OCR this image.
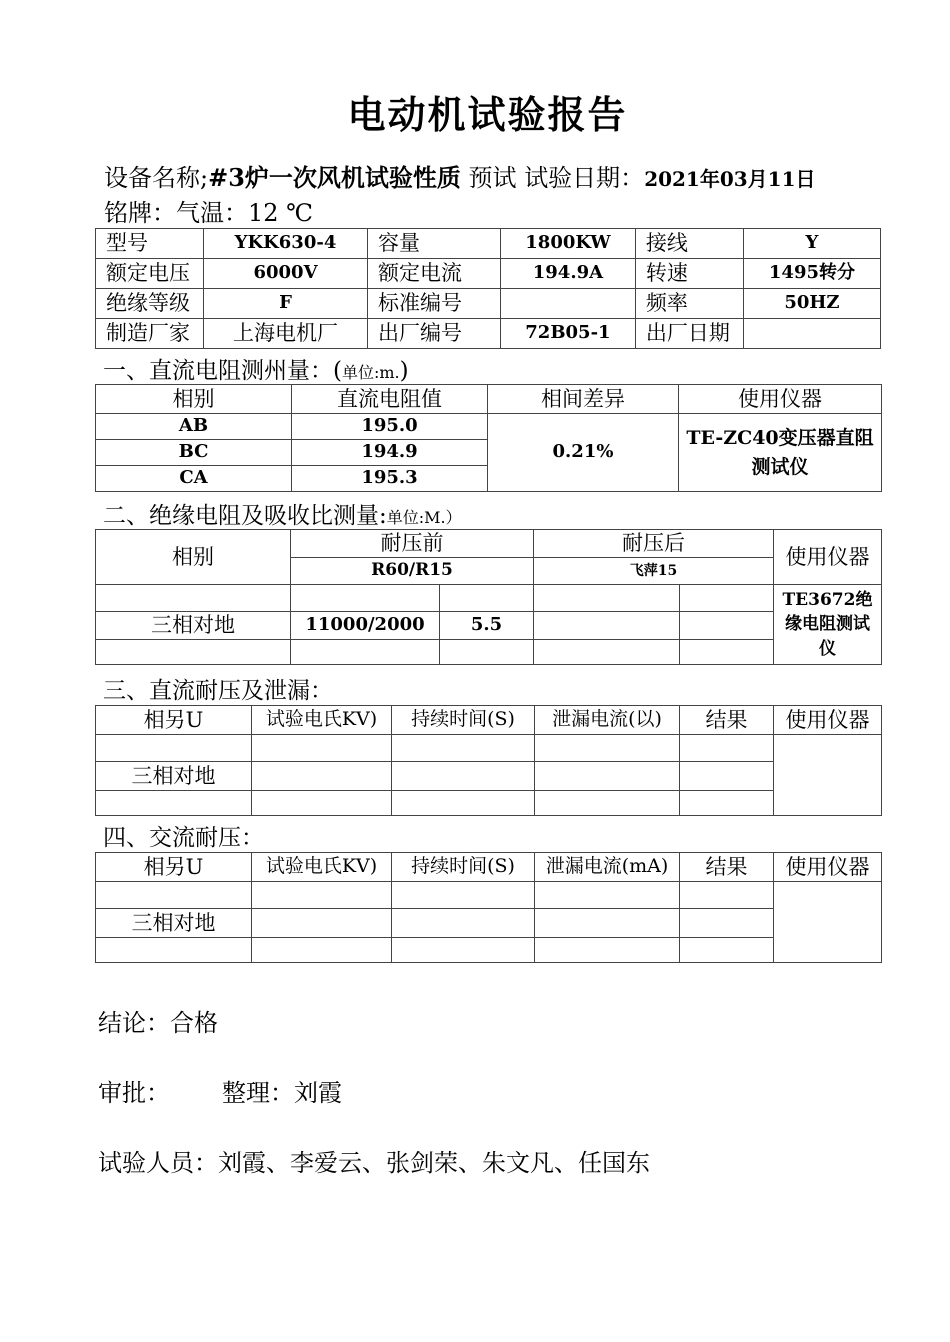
电动机试验报告
设备名称;#3炉一次风机试验性质 预试 试验日期：2021年03月11日
铭牌：气温：12 ℃
型号	YKK630-4	容量	1800KW	接线	Y
额定电压	6000V	额定电流	194.9A	转速	1495转分
绝缘等级	F	标准编号		频率	50HZ
制造厂家	上海电机厂	出厂编号	72B05-1	出厂日期	
一、直流电阻测州量：(单位:m.)
相别	直流电阻值	相间差异	使用仪器
AB	195.0	0.21%	TE-ZC40变压器直阻测试仪
BC	194.9		
CA	195.3		
二、绝缘电阻及吸收比测量:单位:M.）
相别	耐压前		耐压后		使用仪器
	R60/R15		飞萍15		
					TE3672绝缘电阻测试仪
三相对地	11000/2000	5.5			

三、直流耐压及泄漏：
相另U	试验电氏KV)	持续时间(S)	泄漏电流(以)	结果	使用仪器

三相对地					

四、交流耐压：
相另U	试验电氏KV)	持续时间(S)	泄漏电流(mA)	结果	使用仪器

三相对地					

结论：合格
审批： 整理：刘霞
试验人员：刘霞、李爱云、张剑荣、朱文凡、任国东
